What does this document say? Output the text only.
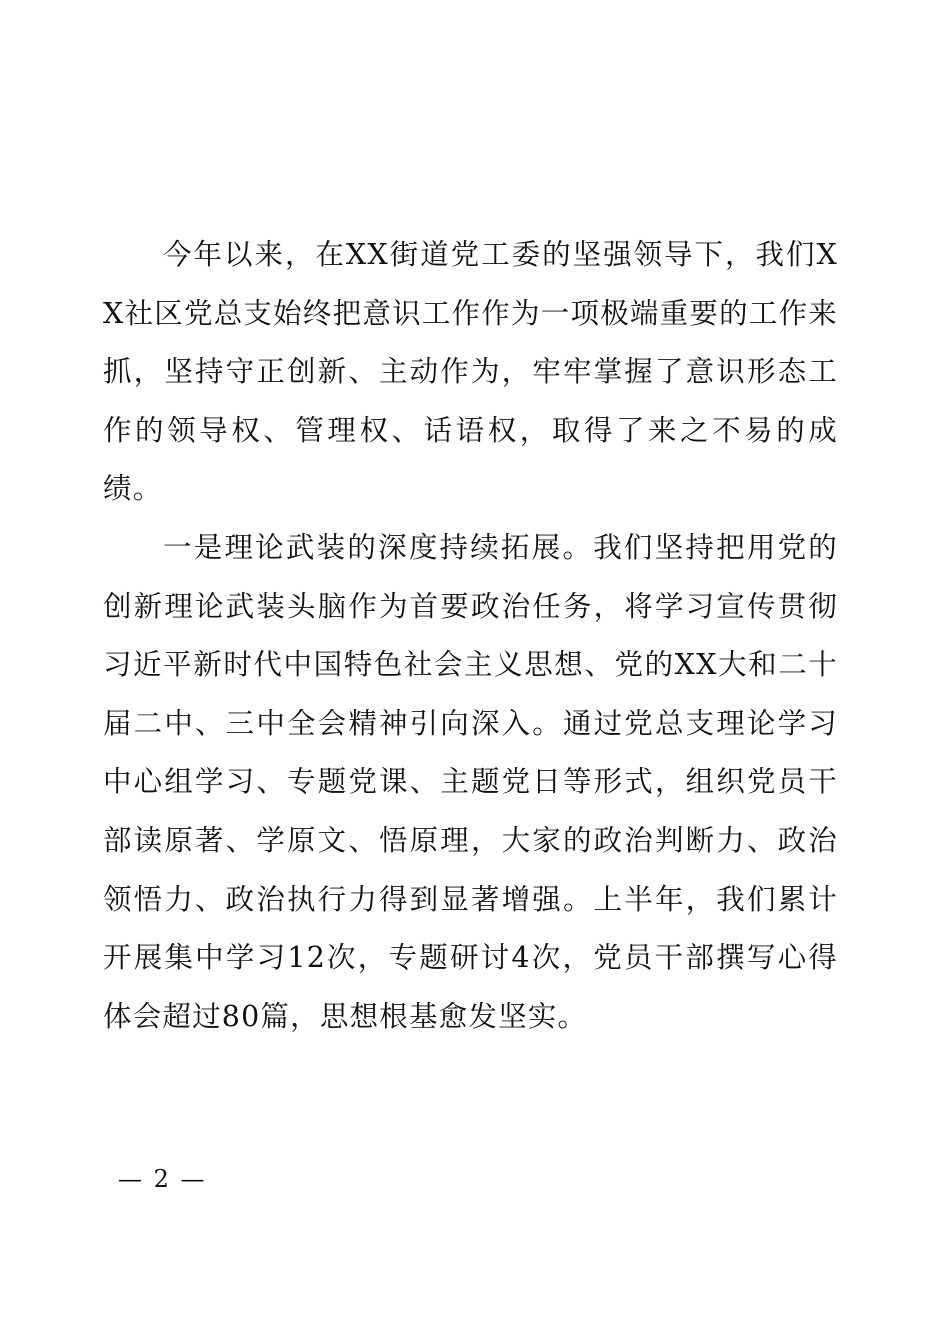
今年以来，在XX街道党工委的坚强领导下，我们XX社区党总支始终把意识工作作为一项极端重要的工作来抓，坚持守正创新、主动作为，牢牢掌握了意识形态工作的领导权、管理权、话语权，取得了来之不易的成绩。

一是理论武装的深度持续拓展。我们坚持把用党的创新理论武装头脑作为首要政治任务，将学习宣传贯彻习近平新时代中国特色社会主义思想、党的XX大和二十届二中、三中全会精神引向深入。通过党总支理论学习中心组学习、专题党课、主题党日等形式，组织党员干部读原著、学原文、悟原理，大家的政治判断力、政治领悟力、政治执行力得到显著增强。上半年，我们累计开展集中学习12次，专题研讨4次，党员干部撰写心得体会超过80篇，思想根基愈发坚实。

— 2 —
